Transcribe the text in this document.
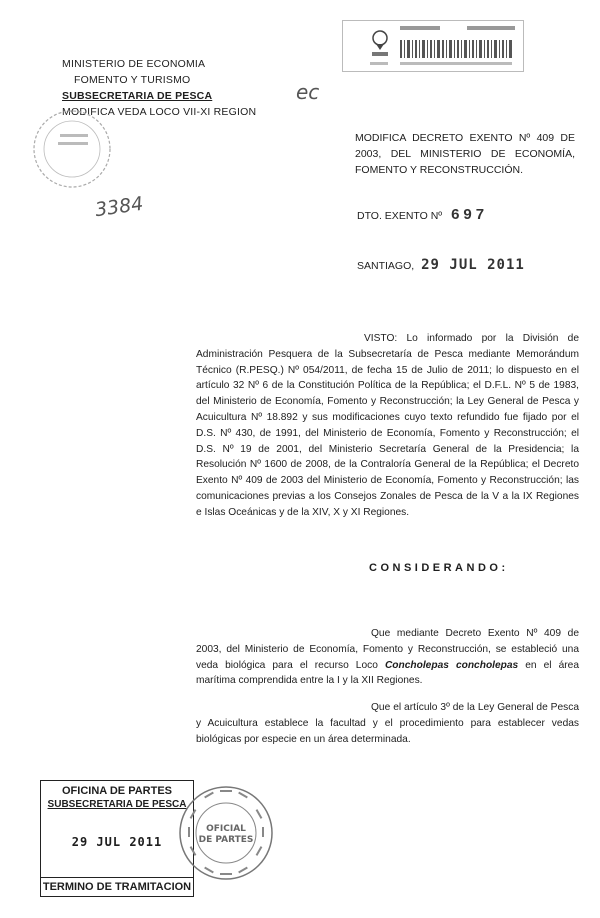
MINISTERIO DE ECONOMIA
FOMENTO Y TURISMO
SUBSECRETARIA DE PESCA
MODIFICA VEDA LOCO VII-XI REGION
ec
3384
MODIFICA DECRETO EXENTO Nº 409 DE 2003, DEL MINISTERIO DE ECONOMÍA, FOMENTO Y RECONSTRUCCIÓN.
DTO. EXENTO Nº 697
SANTIAGO, 29 JUL 2011
VISTO: Lo informado por la División de Administración Pesquera de la Subsecretaría de Pesca mediante Memorándum Técnico (R.PESQ.) Nº 054/2011, de fecha 15 de Julio de 2011; lo dispuesto en el artículo 32 Nº 6 de la Constitución Política de la República; el D.F.L. Nº 5 de 1983, del Ministerio de Economía, Fomento y Reconstrucción; la Ley General de Pesca y Acuicultura Nº 18.892 y sus modificaciones cuyo texto refundido fue fijado por el D.S. Nº 430, de 1991, del Ministerio de Economía, Fomento y Reconstrucción; el D.S. Nº 19 de 2001, del Ministerio Secretaría General de la Presidencia; la Resolución Nº 1600 de 2008, de la Contraloría General de la República; el Decreto Exento Nº 409 de 2003 del Ministerio de Economía, Fomento y Reconstrucción; las comunicaciones previas a los Consejos Zonales de Pesca de la V a la IX Regiones e Islas Oceánicas y de la XIV, X y XI Regiones.
CONSIDERANDO:
Que mediante Decreto Exento Nº 409 de 2003, del Ministerio de Economía, Fomento y Reconstrucción, se estableció una veda biológica para el recurso Loco Concholepas concholepas en el área marítima comprendida entre la I y la XII Regiones.
Que el artículo 3º de la Ley General de Pesca y Acuicultura establece la facultad y el procedimiento para establecer vedas biológicas por especie en un área determinada.
OFICINA DE PARTES
SUBSECRETARIA DE PESCA
29 JUL 2011
TERMINO DE TRAMITACION
OFICIAL
DE PARTES
